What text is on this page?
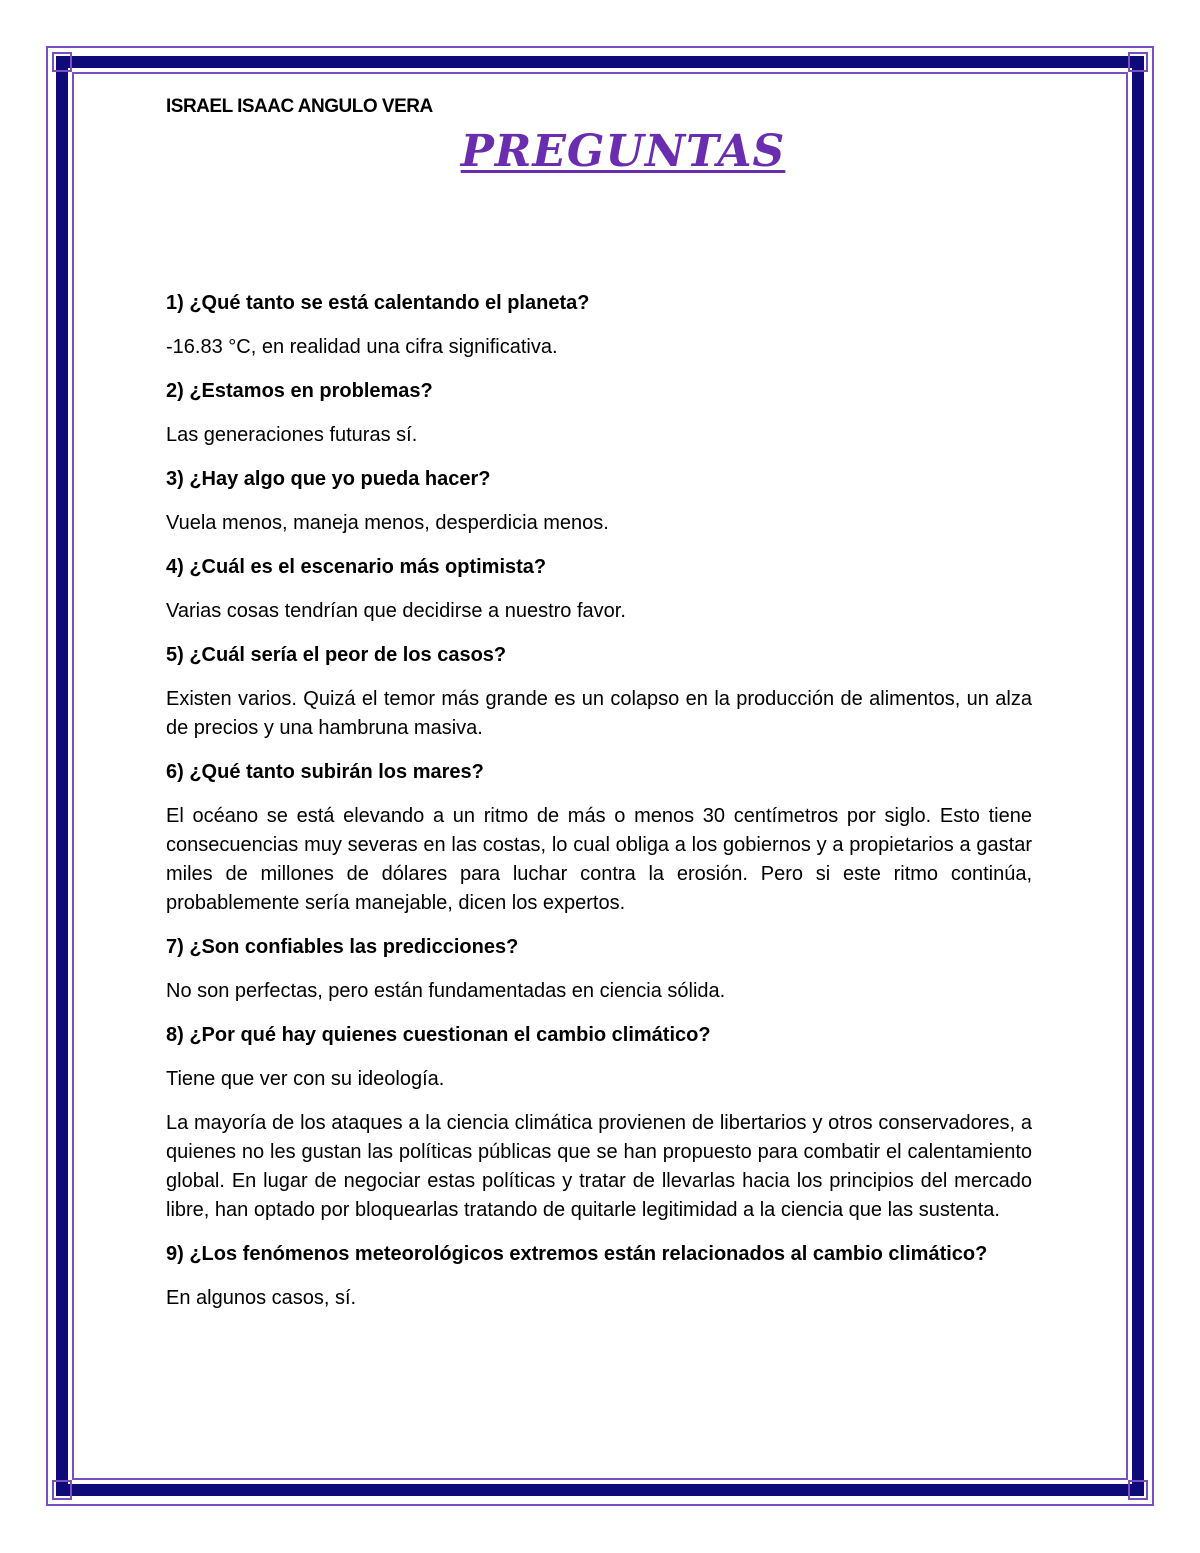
ISRAEL ISAAC ANGULO VERA
PREGUNTAS

1) ¿Qué tanto se está calentando el planeta?

-16.83 °C, en realidad una cifra significativa.

2) ¿Estamos en problemas?

Las generaciones futuras sí.

3) ¿Hay algo que yo pueda hacer?

Vuela menos, maneja menos, desperdicia menos.

4) ¿Cuál es el escenario más optimista?

Varias cosas tendrían que decidirse a nuestro favor.

5) ¿Cuál sería el peor de los casos?

Existen varios. Quizá el temor más grande es un colapso en la producción de alimentos, un alza de precios y una hambruna masiva.

6) ¿Qué tanto subirán los mares?

El océano se está elevando a un ritmo de más o menos 30 centímetros por siglo. Esto tiene consecuencias muy severas en las costas, lo cual obliga a los gobiernos y a propietarios a gastar miles de millones de dólares para luchar contra la erosión. Pero si este ritmo continúa, probablemente sería manejable, dicen los expertos.

7) ¿Son confiables las predicciones?

No son perfectas, pero están fundamentadas en ciencia sólida.

8) ¿Por qué hay quienes cuestionan el cambio climático?

Tiene que ver con su ideología.

La mayoría de los ataques a la ciencia climática provienen de libertarios y otros conservadores, a quienes no les gustan las políticas públicas que se han propuesto para combatir el calentamiento global. En lugar de negociar estas políticas y tratar de llevarlas hacia los principios del mercado libre, han optado por bloquearlas tratando de quitarle legitimidad a la ciencia que las sustenta.

9) ¿Los fenómenos meteorológicos extremos están relacionados al cambio climático?

En algunos casos, sí.
